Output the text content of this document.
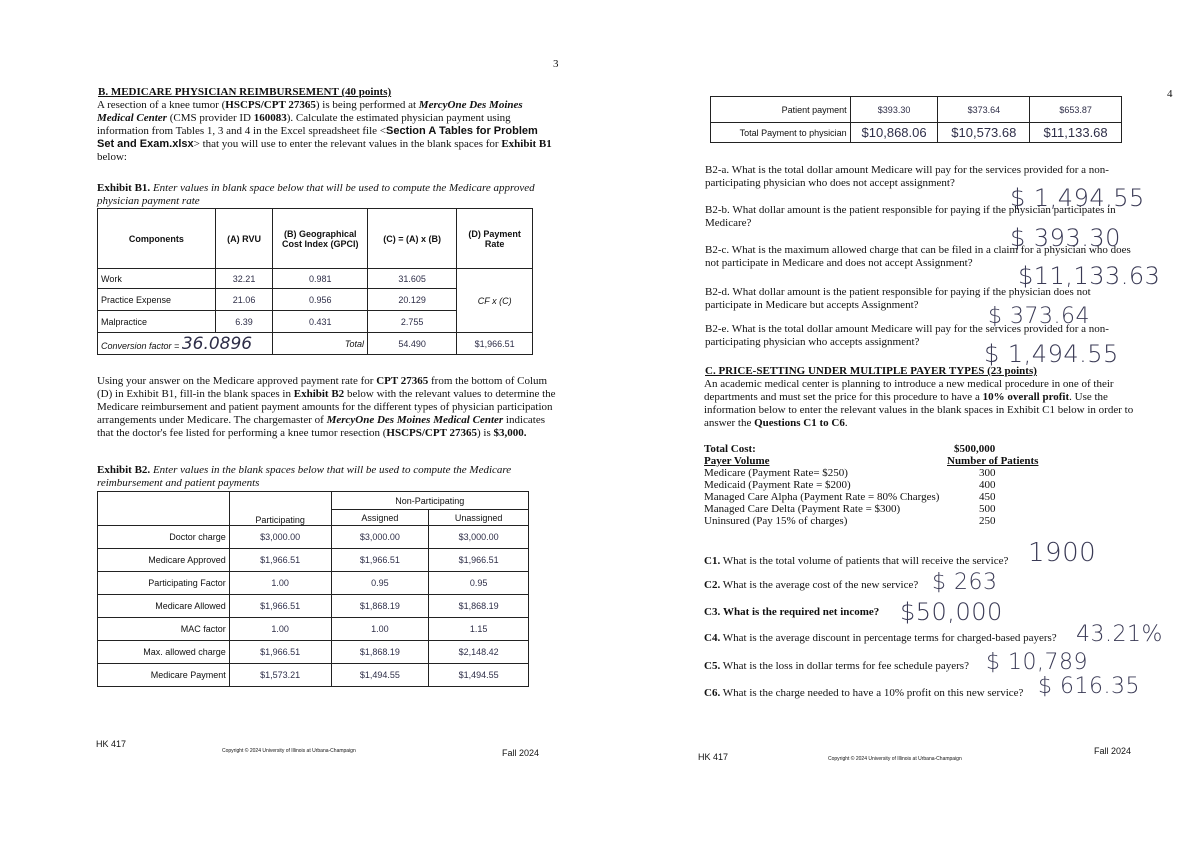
3
B. MEDICARE PHYSICIAN REIMBURSEMENT (40 points)
A resection of a knee tumor (HSCPS/CPT 27365) is being performed at MercyOne Des Moines Medical Center (CMS provider ID 160083). Calculate the estimated physician payment using information from Tables 1, 3 and 4 in the Excel spreadsheet file <Section A Tables for Problem Set and Exam.xlsx> that you will use to enter the relevant values in the blank spaces for Exhibit B1 below:
Exhibit B1. Enter values in blank space below that will be used to compute the Medicare approved physician payment rate
Components	(A) RVU	(B) Geographical Cost Index (GPCI)	(C) = (A) x (B)	(D) Payment Rate
Work	32.21	0.981	31.605	CF x (C)
Practice Expense	21.06	0.956	20.129	
Malpractice	6.39	0.431	2.755	
Conversion factor = 36.0896		Total	54.490	$1,966.51
Using your answer on the Medicare approved payment rate for CPT 27365 from the bottom of Colum (D) in Exhibit B1, fill-in the blank spaces in Exhibit B2 below with the relevant values to determine the Medicare reimbursement and patient payment amounts for the different types of physician participation arrangements under Medicare. The chargemaster of MercyOne Des Moines Medical Center indicates that the doctor's fee listed for performing a knee tumor resection (HSCPS/CPT 27365) is $3,000.
Exhibit B2. Enter values in the blank spaces below that will be used to compute the Medicare reimbursement and patient payments
	Participating	Non-Participating	
		Assigned	Unassigned
Doctor charge	$3,000.00	$3,000.00	$3,000.00
Medicare Approved	$1,966.51	$1,966.51	$1,966.51
Participating Factor	1.00	0.95	0.95
Medicare Allowed	$1,966.51	$1,868.19	$1,868.19
MAC factor	1.00	1.00	1.15
Max. allowed charge	$1,966.51	$1,868.19	$2,148.42
Medicare Payment	$1,573.21	$1,494.55	$1,494.55
HK 417
Copyright © 2024 University of Illinois at Urbana-Champaign	Fall 2024
4
Patient payment	$393.30	$373.64	$653.87
Total Payment to physician	$10,868.06	$10,573.68	$11,133.68
B2-a. What is the total dollar amount Medicare will pay for the services provided for a non-participating physician who does not accept assignment?
$ 1,494.55
B2-b. What dollar amount is the patient responsible for paying if the physician participates in Medicare?
$ 393.30
B2-c. What is the maximum allowed charge that can be filed in a claim for a physician who does not participate in Medicare and does not accept Assignment?	$11,133.63
B2-d. What dollar amount is the patient responsible for paying if the physician does not participate in Medicare but accepts Assignment?	$ 373.64
B2-e. What is the total dollar amount Medicare will pay for the services provided for a non-participating physician who accepts assignment?	$ 1,494.55
C. PRICE-SETTING UNDER MULTIPLE PAYER TYPES (23 points)
An academic medical center is planning to introduce a new medical procedure in one of their departments and must set the price for this procedure to have a 10% overall profit. Use the information below to enter the relevant values in the blank spaces in Exhibit C1 below in order to answer the Questions C1 to C6.
Total Cost:	$500,000
Payer Volume	Number of Patients
Medicare (Payment Rate= $250)	300
Medicaid (Payment Rate = $200)	400
Managed Care Alpha (Payment Rate = 80% Charges)	450
Managed Care Delta (Payment Rate = $300)	500
Uninsured (Pay 15% of charges)	250
C1. What is the total volume of patients that will receive the service? 1900
C2. What is the average cost of the new service? $ 263
C3. What is the required net income? $50,000
C4. What is the average discount in percentage terms for charged-based payers? 43.21%
C5. What is the loss in dollar terms for fee schedule payers? $ 10,789
C6. What is the charge needed to have a 10% profit on this new service? $ 616.35
HK 417	Copyright © 2024 University of Illinois at Urbana-Champaign
Fall 2024
